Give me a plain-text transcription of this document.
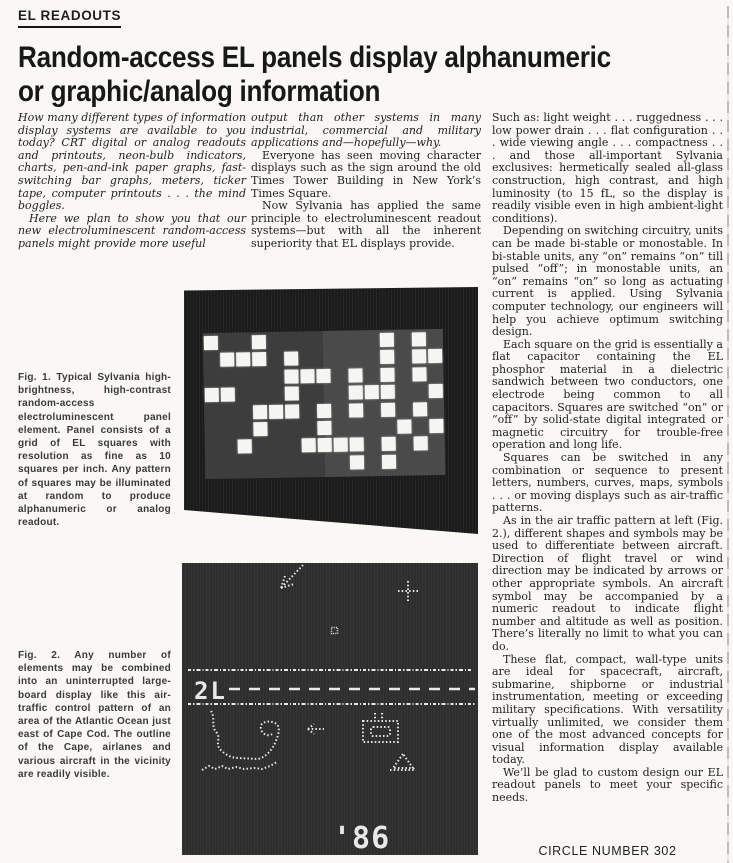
EL READOUTS
Random-access EL panels display alphanumeric
or graphic/analog information

How many different types of information display systems are available to you today? CRT digital or analog readouts and printouts, neon-bulb indicators, charts, pen-and-ink paper graphs, fast-switching bar graphs, meters, ticker tape, computer printouts . . . the mind boggles.

Here we plan to show you that our new electroluminescent random-access panels might provide more useful

output than other systems in many industrial, commercial and military applications and—hopefully—why.

Everyone has seen moving character displays such as the sign around the old Times Tower Building in New York’s Times Square.

Now Sylvania has applied the same principle to electroluminescent readout systems—but with all the inherent superiority that EL displays provide.

Such as: light weight . . . ruggedness . . . low power drain . . . flat configuration . . . wide viewing angle . . . compactness . . . and those all-important Sylvania exclusives: hermetically sealed all-glass construction, high contrast, and high luminosity (to 15 fL, so the display is readily visible even in high ambient-light conditions).

Depending on switching circuitry, units can be made bi-stable or monostable. In bi-stable units, any “on” remains “on” till pulsed “off”; in monostable units, an “on” remains “on” so long as actuating current is applied. Using Sylvania computer technology, our engineers will help you achieve optimum switching design.

Each square on the grid is essentially a flat capacitor containing the EL phosphor material in a dielectric sandwich between two conductors, one electrode being common to all capacitors. Squares are switched “on” or “off” by solid-state digital integrated or magnetic circuitry for trouble-free operation and long life.

Squares can be switched in any combination or sequence to present letters, numbers, curves, maps, symbols . . . or moving displays such as air-traffic patterns.

As in the air traffic pattern at left (Fig. 2.), different shapes and symbols may be used to differentiate between aircraft. Direction of flight travel or wind direction may be indicated by arrows or other appropriate symbols. An aircraft symbol may be accompanied by a numeric readout to indicate flight number and altitude as well as position. There’s literally no limit to what you can do.

These flat, compact, wall-type units are ideal for spacecraft, aircraft, submarine, shipborne or industrial instrumentation, meeting or exceeding military specifications. With versatility virtually unlimited, we consider them one of the most advanced concepts for visual information display available today.

We’ll be glad to custom design our EL readout panels to meet your specific needs.

CIRCLE NUMBER 302
Fig. 1. Typical Sylvania high-brightness, high-contrast random-access electroluminescent panel element. Panel consists of a grid of EL squares with resolution as fine as 10 squares per inch. Any pattern of squares may be illuminated at random to produce alphanumeric or analog readout.
Fig. 2. Any number of elements may be combined into an uninterrupted large-board display like this air-traffic control pattern of an area of the Atlantic Ocean just east of Cape Cod. The outline of the Cape, airlanes and various aircraft in the vicinity are readily visible.
2L
'86
